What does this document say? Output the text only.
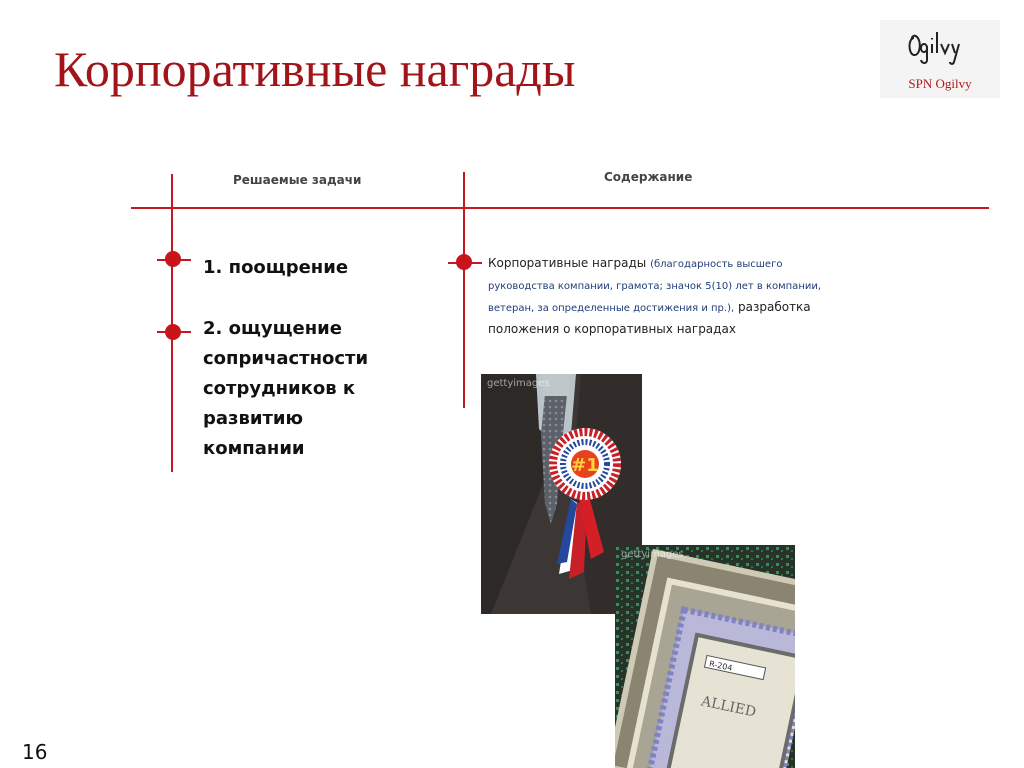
Корпоративные награды	SPN Ogilvy
Решаемые задачи	Содержание
1. поощрение
2. ощущение сопричастности сотрудников к развитию компании
Корпоративные награды (благодарность высшего руководства компании, грамота; значок 5(10) лет в компании, ветеран, за определенные достижения и пр.), разработка положения о корпоративных наградах
#1
gettyimages
R-204
ALLIED
gettyimages
16
